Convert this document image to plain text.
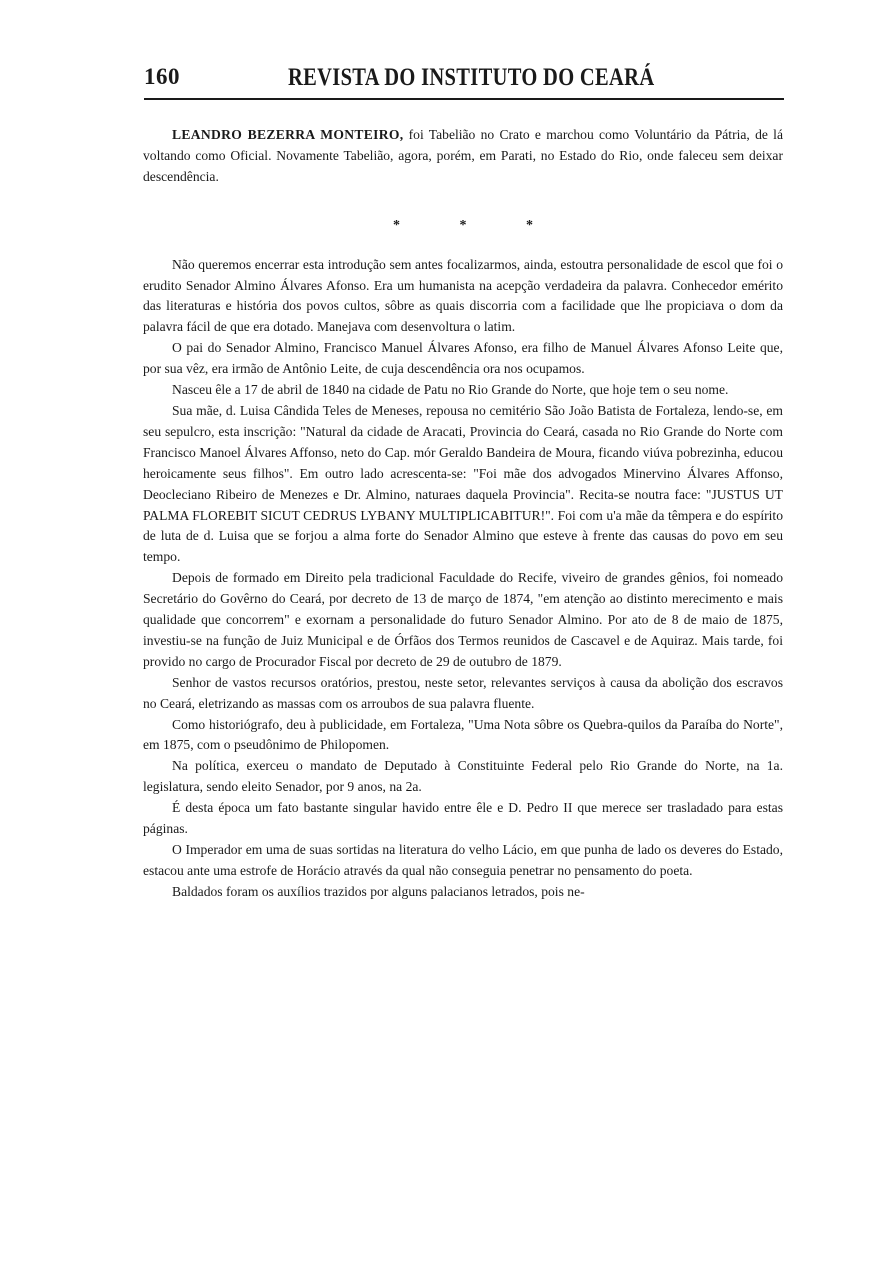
160	REVISTA DO INSTITUTO DO CEARÁ

LEANDRO BEZERRA MONTEIRO, foi Tabelião no Crato e marchou como Voluntário da Pátria, de lá voltando como Oficial. Novamente Tabelião, agora, porém, em Parati, no Estado do Rio, onde faleceu sem deixar descendência.

* * *

Não queremos encerrar esta introdução sem antes focalizarmos, ainda, estoutra personalidade de escol que foi o erudito Senador Almino Álvares Afonso. Era um humanista na acepção verdadeira da palavra. Conhecedor emérito das literaturas e história dos povos cultos, sôbre as quais discorria com a facilidade que lhe propiciava o dom da palavra fácil de que era dotado. Manejava com desenvoltura o latim.

O pai do Senador Almino, Francisco Manuel Álvares Afonso, era filho de Manuel Álvares Afonso Leite que, por sua vêz, era irmão de Antônio Leite, de cuja descendência ora nos ocupamos.

Nasceu êle a 17 de abril de 1840 na cidade de Patu no Rio Grande do Norte, que hoje tem o seu nome.

Sua mãe, d. Luisa Cândida Teles de Meneses, repousa no cemitério São João Batista de Fortaleza, lendo-se, em seu sepulcro, esta inscrição: "Natural da cidade de Aracati, Provincia do Ceará, casada no Rio Grande do Norte com Francisco Manoel Álvares Affonso, neto do Cap. mór Geraldo Bandeira de Moura, ficando viúva pobrezinha, educou heroicamente seus filhos". Em outro lado acrescenta-se: "Foi mãe dos advogados Minervino Álvares Affonso, Deocleciano Ribeiro de Menezes e Dr. Almino, naturaes daquela Provincia". Recita-se noutra face: "JUSTUS UT PALMA FLOREBIT SICUT CEDRUS LYBANY MULTIPLICABITUR!". Foi com u'a mãe da têmpera e do espírito de luta de d. Luisa que se forjou a alma forte do Senador Almino que esteve à frente das causas do povo em seu tempo.

Depois de formado em Direito pela tradicional Faculdade do Recife, viveiro de grandes gênios, foi nomeado Secretário do Govêrno do Ceará, por decreto de 13 de março de 1874, "em atenção ao distinto merecimento e mais qualidade que concorrem" e exornam a personalidade do futuro Senador Almino. Por ato de 8 de maio de 1875, investiu-se na função de Juiz Municipal e de Órfãos dos Termos reunidos de Cascavel e de Aquiraz. Mais tarde, foi provido no cargo de Procurador Fiscal por decreto de 29 de outubro de 1879.

Senhor de vastos recursos oratórios, prestou, neste setor, relevantes serviços à causa da abolição dos escravos no Ceará, eletrizando as massas com os arroubos de sua palavra fluente.

Como historiógrafo, deu à publicidade, em Fortaleza, "Uma Nota sôbre os Quebra-quilos da Paraíba do Norte", em 1875, com o pseudônimo de Philopomen.

Na política, exerceu o mandato de Deputado à Constituinte Federal pelo Rio Grande do Norte, na 1a. legislatura, sendo eleito Senador, por 9 anos, na 2a.

É desta época um fato bastante singular havido entre êle e D. Pedro II que merece ser trasladado para estas páginas.

O Imperador em uma de suas sortidas na literatura do velho Lácio, em que punha de lado os deveres do Estado, estacou ante uma estrofe de Horácio através da qual não conseguia penetrar no pensamento do poeta.

Baldados foram os auxílios trazidos por alguns palacianos letrados, pois ne-
